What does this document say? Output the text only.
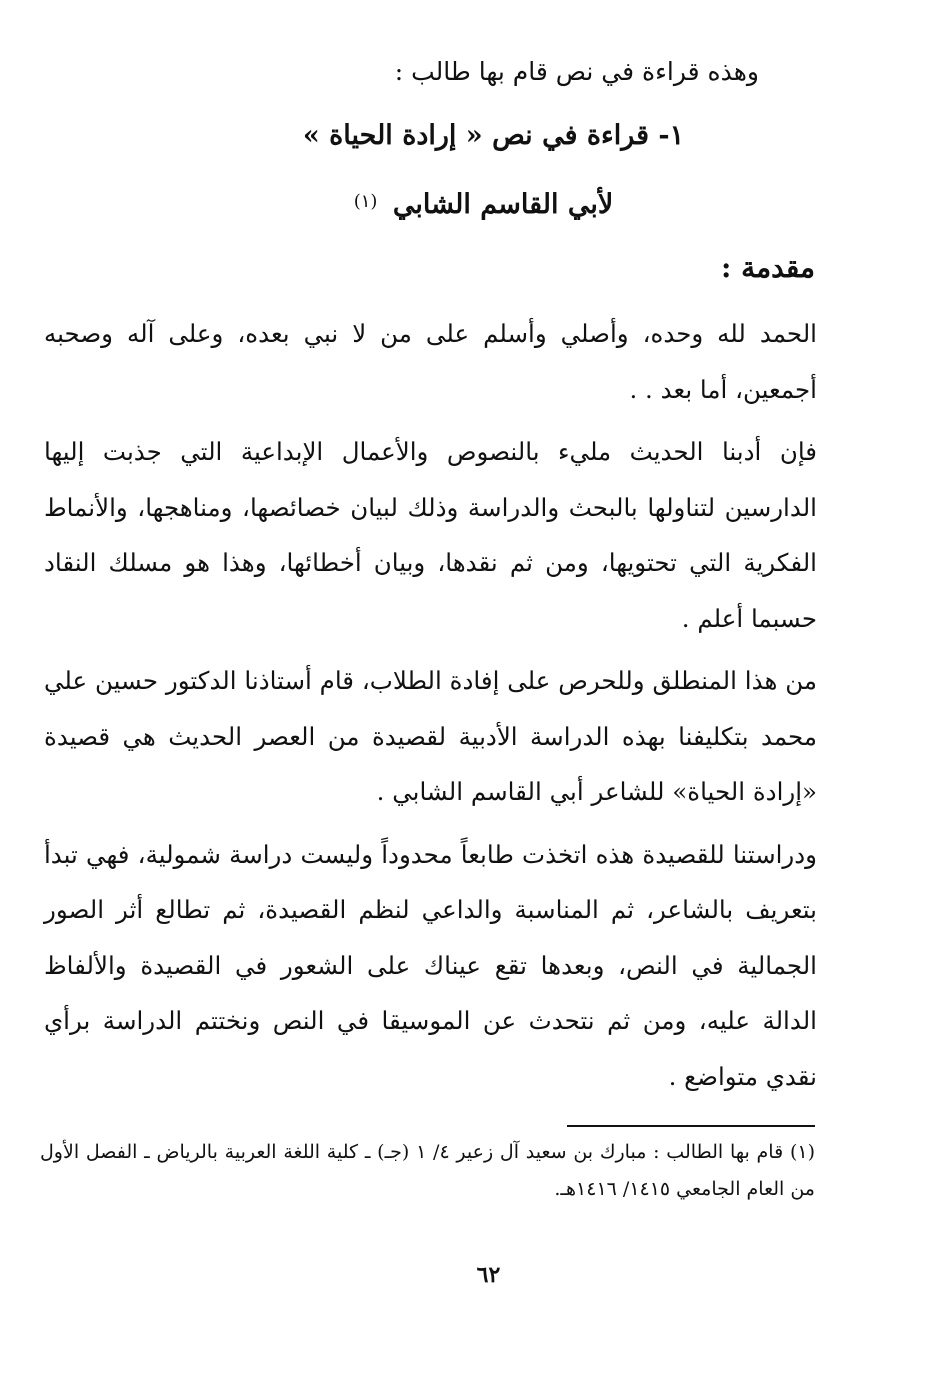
وهذه قراءة في نص قام بها طالب :
١- قراءة في نص « إرادة الحياة »
لأبي القاسم الشابي $^{(١)}$
مقدمة :

الحمد لله وحده، وأصلي وأسلم على من لا نبي بعده، وعلى آله وصحبه أجمعين، أما بعد . .

فإن أدبنا الحديث مليء بالنصوص والأعمال الإبداعية التي جذبت إليها الدارسين لتناولها بالبحث والدراسة وذلك لبيان خصائصها، ومناهجها، والأنماط الفكرية التي تحتويها، ومن ثم نقدها، وبيان أخطائها، وهذا هو مسلك النقاد حسبما أعلم .

من هذا المنطلق وللحرص على إفادة الطلاب، قام أستاذنا الدكتور حسين علي محمد بتكليفنا بهذه الدراسة الأدبية لقصيدة من العصر الحديث هي قصيدة «إرادة الحياة» للشاعر أبي القاسم الشابي .

ودراستنا للقصيدة هذه اتخذت طابعاً محدوداً وليست دراسة شمولية، فهي تبدأ بتعريف بالشاعر، ثم المناسبة والداعي لنظم القصيدة، ثم تطالع أثر الصور الجمالية في النص، وبعدها تقع عيناك على الشعور في القصيدة والألفاظ الدالة عليه، ومن ثم نتحدث عن الموسيقا في النص ونختتم الدراسة برأي نقدي متواضع .

(١) قام بها الطالب : مبارك بن سعيد آل زعير ٤/ ١ (جـ) ـ كلية اللغة العربية بالرياض ـ الفصل الأول من العام الجامعي ١٤١٥/ ١٤١٦هـ.

٦٢
